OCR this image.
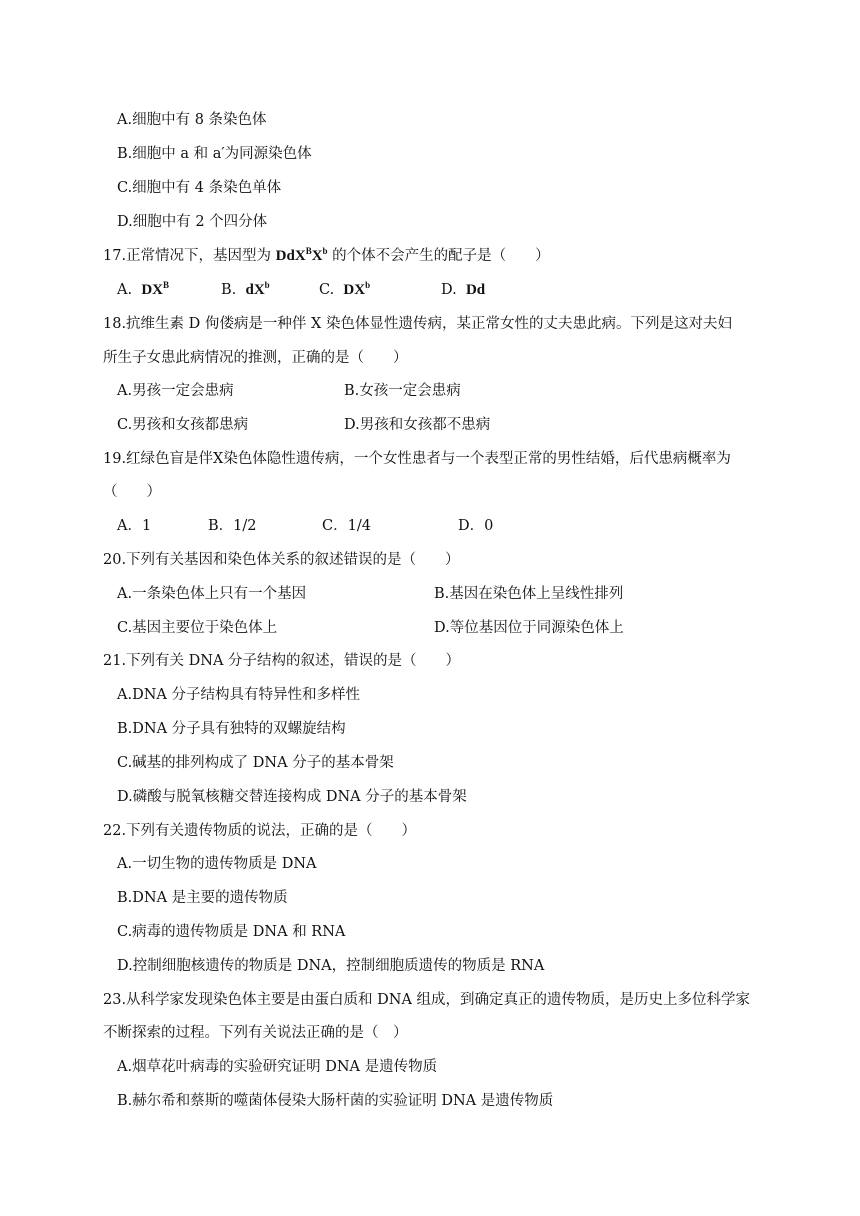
A.细胞中有 8 条染色体
B.细胞中 a 和 a′为同源染色体
C.细胞中有 4 条染色单体
D.细胞中有 2 个四分体
17.正常情况下，基因型为 $DdX^BX^b$ 的个体不会产生的配子是（　　）
A. $DX^B$	B. $dX^b$	C. $DX^b$	D. Dd
18.抗维生素 D 佝偻病是一种伴 X 染色体显性遗传病，某正常女性的丈夫患此病。下列是这对夫妇
所生子女患此病情况的推测，正确的是（　　）
A.男孩一定会患病	B.女孩一定会患病
C.男孩和女孩都患病	D.男孩和女孩都不患病
19.红绿色盲是伴X染色体隐性遗传病，一个女性患者与一个表型正常的男性结婚，后代患病概率为
（　　）
A．1	B．1/2	C．1/4	D．0
20.下列有关基因和染色体关系的叙述错误的是（　　）
A.一条染色体上只有一个基因	B.基因在染色体上呈线性排列
C.基因主要位于染色体上	D.等位基因位于同源染色体上
21.下列有关 DNA 分子结构的叙述，错误的是（　　）
A.DNA 分子结构具有特异性和多样性
B.DNA 分子具有独特的双螺旋结构
C.碱基的排列构成了 DNA 分子的基本骨架
D.磷酸与脱氧核糖交替连接构成 DNA 分子的基本骨架
22.下列有关遗传物质的说法，正确的是（　　）
A.一切生物的遗传物质是 DNA
B.DNA 是主要的遗传物质
C.病毒的遗传物质是 DNA 和 RNA
D.控制细胞核遗传的物质是 DNA，控制细胞质遗传的物质是 RNA
23.从科学家发现染色体主要是由蛋白质和 DNA 组成，到确定真正的遗传物质，是历史上多位科学家
不断探索的过程。下列有关说法正确的是（　）
A.烟草花叶病毒的实验研究证明 DNA 是遗传物质
B.赫尔希和蔡斯的噬菌体侵染大肠杆菌的实验证明 DNA 是遗传物质
